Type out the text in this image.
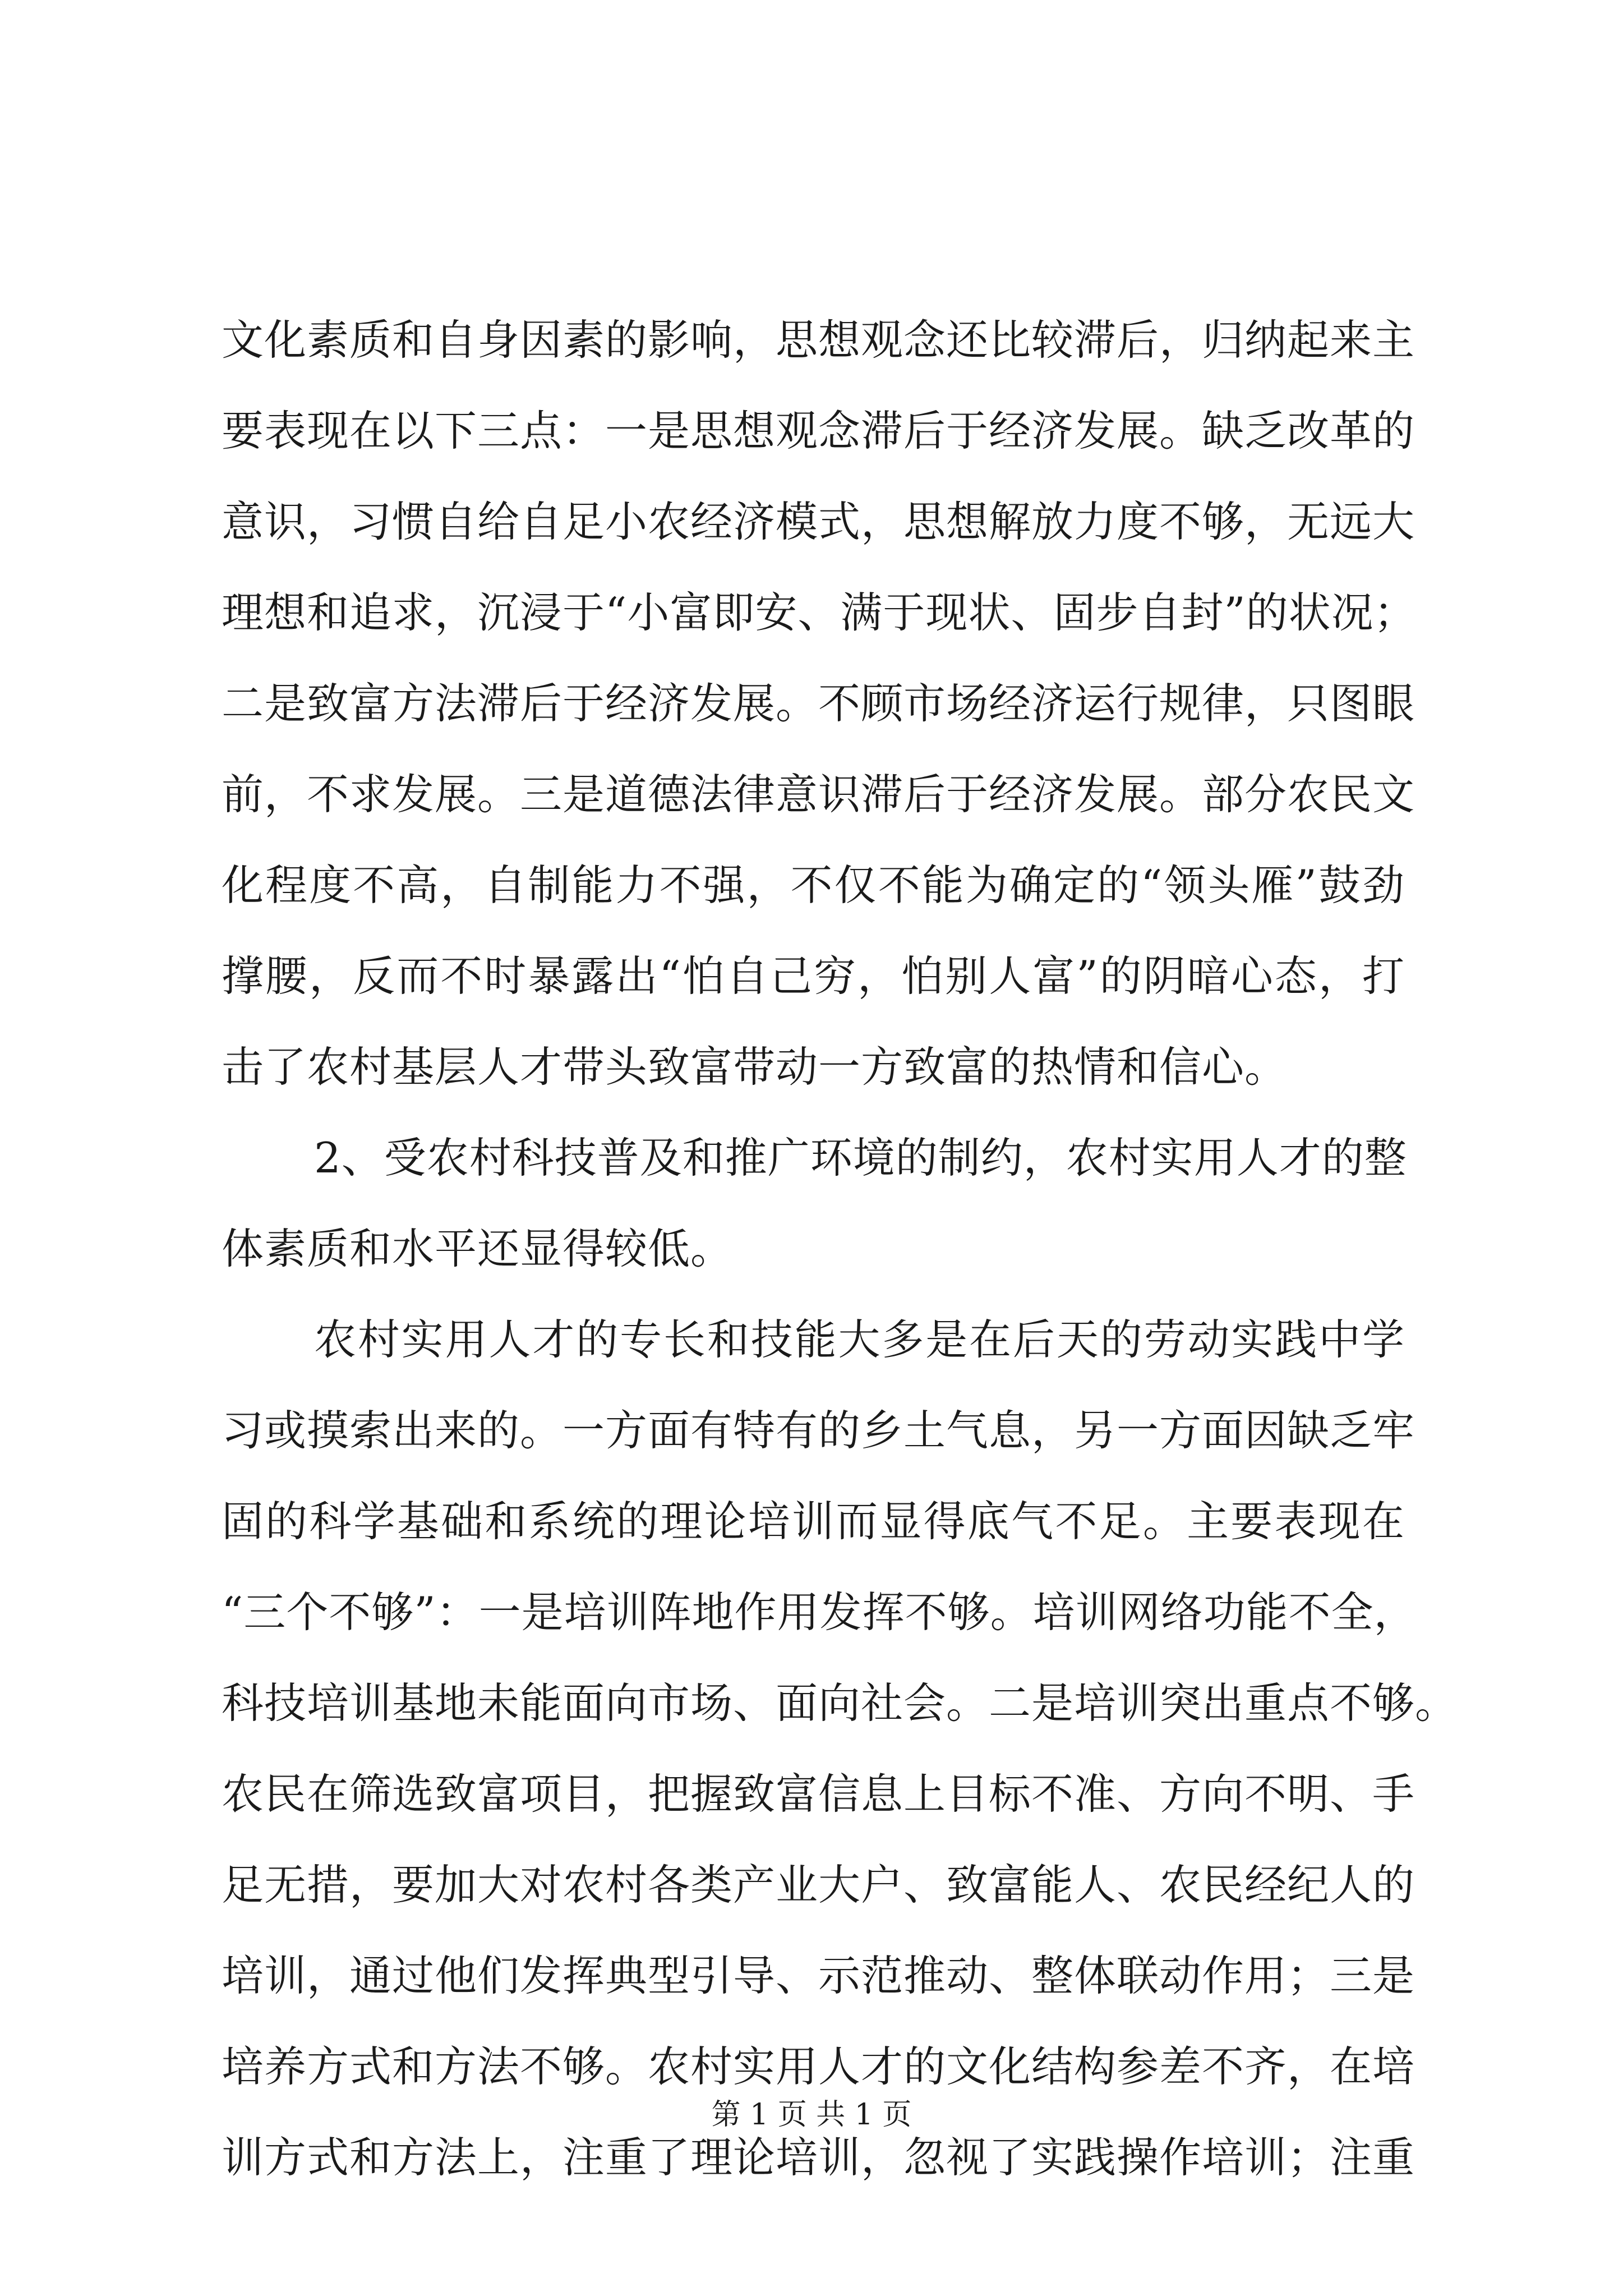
文化素质和自身因素的影响，思想观念还比较滞后，归纳起来主
要表现在以下三点：一是思想观念滞后于经济发展。缺乏改革的
意识，习惯自给自足小农经济模式，思想解放力度不够，无远大
理想和追求，沉浸于“小富即安、满于现状、固步自封”的状况；
二是致富方法滞后于经济发展。不顾市场经济运行规律，只图眼
前，不求发展。三是道德法律意识滞后于经济发展。部分农民文
化程度不高，自制能力不强，不仅不能为确定的“领头雁”鼓劲
撑腰，反而不时暴露出“怕自己穷，怕别人富”的阴暗心态，打
击了农村基层人才带头致富带动一方致富的热情和信心。
2、受农村科技普及和推广环境的制约，农村实用人才的整
体素质和水平还显得较低。
农村实用人才的专长和技能大多是在后天的劳动实践中学
习或摸索出来的。一方面有特有的乡土气息，另一方面因缺乏牢
固的科学基础和系统的理论培训而显得底气不足。主要表现在
“三个不够”：一是培训阵地作用发挥不够。培训网络功能不全，
科技培训基地未能面向市场、面向社会。二是培训突出重点不够。
农民在筛选致富项目，把握致富信息上目标不准、方向不明、手
足无措，要加大对农村各类产业大户、致富能人、农民经纪人的
培训，通过他们发挥典型引导、示范推动、整体联动作用；三是
培养方式和方法不够。农村实用人才的文化结构参差不齐，在培
训方式和方法上，注重了理论培训，忽视了实践操作培训；注重
第 1 页 共 1 页
